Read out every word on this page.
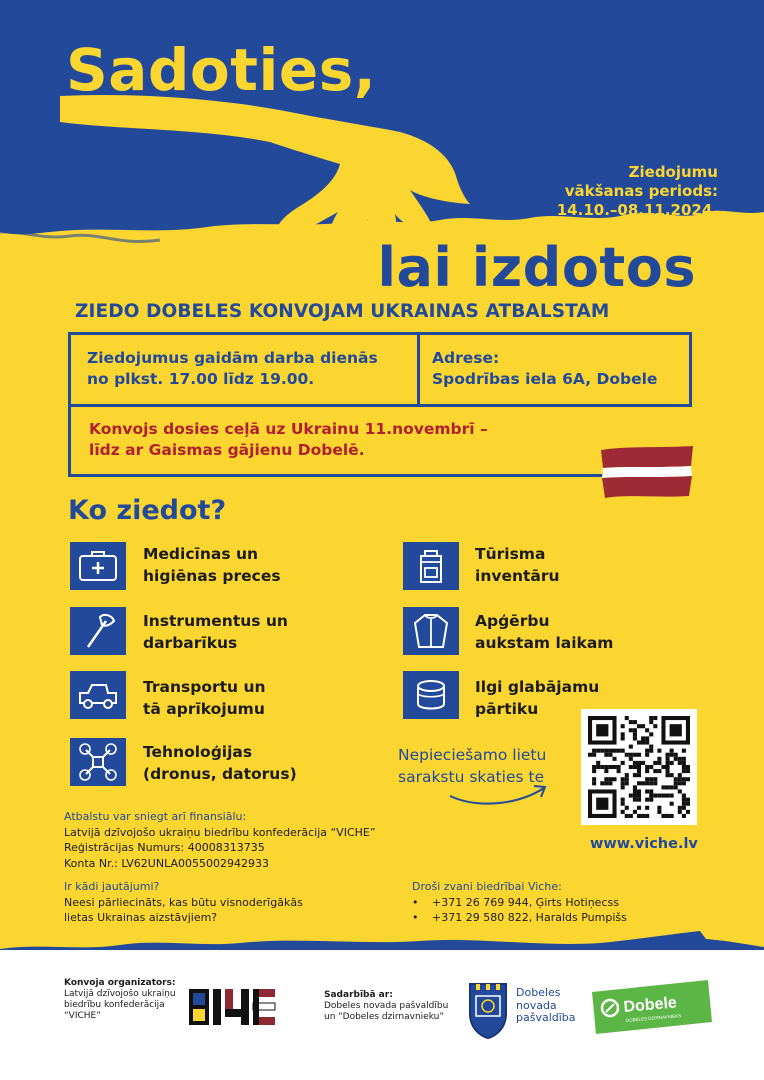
Sadoties,
lai izdotos
Ziedojumu
vākšanas periods:
14.10.–08.11.2024.
ZIEDO DOBELES KONVOJAM UKRAINAS ATBALSTAM
Ziedojumus gaidām darba dienās
no plkst. 17.00 līdz 19.00.
Adrese:
Spodrības iela 6A, Dobele
Konvojs dosies ceļā uz Ukrainu 11.novembrī –
līdz ar Gaismas gājienu Dobelē.
Ko ziedot?
Medicīnas un
higiēnas preces
Instrumentus un
darbarīkus
Transportu un
tā aprīkojumu
Tehnoloģijas
(dronus, datorus)
Tūrisma
inventāru
Apģērbu
aukstam laikam
Ilgi glabājamu
pārtiku
Nepieciešamo lietu
sarakstu skaties te
www.viche.lv
Atbalstu var sniegt arī finansiālu:
Latvijā dzīvojošo ukraiņu biedrību konfederācija “VICHE”
Reģistrācijas Numurs: 40008313735
Konta Nr.: LV62UNLA0055002942933
Ir kādi jautājumi?
Neesi pārliecināts, kas būtu visnoderīgākās
lietas Ukrainas aizstāvjiem?
Droši zvani biedrībai Viche:
• +371 26 769 944, Ģirts Hotiņecss
• +371 29 580 822, Haralds Pumpišs
Konvoja organizators:
Latvijā dzīvojošo ukraiņu
biedrību konfederācija
“VICHE”
Sadarbībā ar:
Dobeles novada pašvaldību
un “Dobeles dzirnavnieku”
Dobeles
novada
pašvaldība
Dobele
DOBELES DZIRNAVNIEKS
